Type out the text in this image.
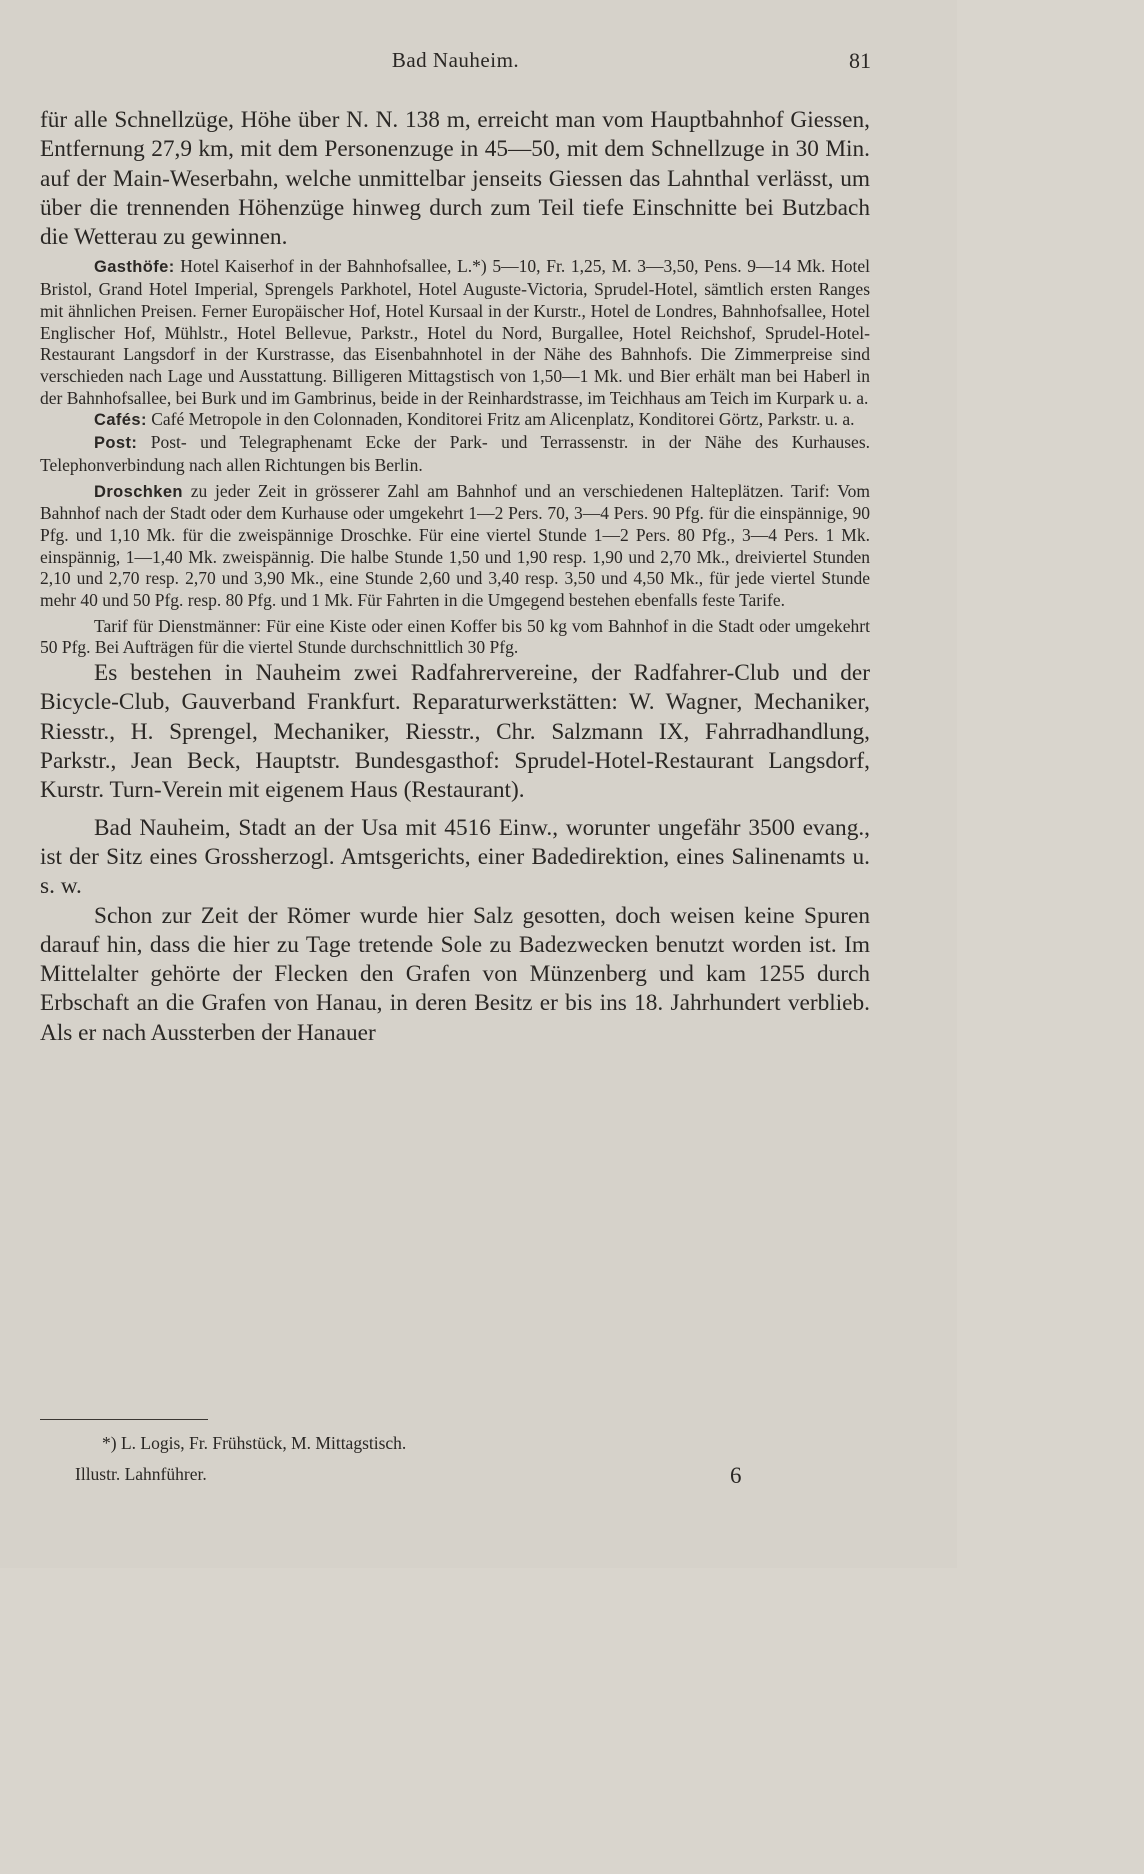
Bad Nauheim.	81

für alle Schnellzüge, Höhe über N. N. 138 m, erreicht man vom Hauptbahnhof Giessen, Entfernung 27,9 km, mit dem Personenzuge in 45—50, mit dem Schnellzuge in 30 Min. auf der Main-Weserbahn, welche unmittelbar jenseits Giessen das Lahnthal verlässt, um über die trennenden Höhenzüge hinweg durch zum Teil tiefe Einschnitte bei Butzbach die Wetterau zu gewinnen.

Gasthöfe: Hotel Kaiserhof in der Bahnhofsallee, L.*) 5—10, Fr. 1,25, M. 3—3,50, Pens. 9—14 Mk. Hotel Bristol, Grand Hotel Imperial, Sprengels Parkhotel, Hotel Auguste-Victoria, Sprudel-Hotel, sämtlich ersten Ranges mit ähnlichen Preisen. Ferner Europäischer Hof, Hotel Kursaal in der Kurstr., Hotel de Londres, Bahnhofsallee, Hotel Englischer Hof, Mühlstr., Hotel Bellevue, Parkstr., Hotel du Nord, Burgallee, Hotel Reichshof, Sprudel-Hotel-Restaurant Langsdorf in der Kurstrasse, das Eisenbahnhotel in der Nähe des Bahnhofs. Die Zimmerpreise sind verschieden nach Lage und Ausstattung. Billigeren Mittagstisch von 1,50—1 Mk. und Bier erhält man bei Haberl in der Bahnhofsallee, bei Burk und im Gambrinus, beide in der Reinhardstrasse, im Teichhaus am Teich im Kurpark u. a.

Cafés: Café Metropole in den Colonnaden, Konditorei Fritz am Alicenplatz, Konditorei Görtz, Parkstr. u. a.

Post: Post- und Telegraphenamt Ecke der Park- und Terrassenstr. in der Nähe des Kurhauses. Telephonverbindung nach allen Richtungen bis Berlin.

Droschken zu jeder Zeit in grösserer Zahl am Bahnhof und an verschiedenen Halteplätzen. Tarif: Vom Bahnhof nach der Stadt oder dem Kurhause oder umgekehrt 1—2 Pers. 70, 3—4 Pers. 90 Pfg. für die einspännige, 90 Pfg. und 1,10 Mk. für die zweispännige Droschke. Für eine viertel Stunde 1—2 Pers. 80 Pfg., 3—4 Pers. 1 Mk. einspännig, 1—1,40 Mk. zweispännig. Die halbe Stunde 1,50 und 1,90 resp. 1,90 und 2,70 Mk., dreiviertel Stunden 2,10 und 2,70 resp. 2,70 und 3,90 Mk., eine Stunde 2,60 und 3,40 resp. 3,50 und 4,50 Mk., für jede viertel Stunde mehr 40 und 50 Pfg. resp. 80 Pfg. und 1 Mk. Für Fahrten in die Umgegend bestehen ebenfalls feste Tarife.

Tarif für Dienstmänner: Für eine Kiste oder einen Koffer bis 50 kg vom Bahnhof in die Stadt oder umgekehrt 50 Pfg. Bei Aufträgen für die viertel Stunde durchschnittlich 30 Pfg.

Es bestehen in Nauheim zwei Radfahrervereine, der Radfahrer-Club und der Bicycle-Club, Gauverband Frankfurt. Reparaturwerkstätten: W. Wagner, Mechaniker, Riesstr., H. Sprengel, Mechaniker, Riesstr., Chr. Salzmann IX, Fahrradhandlung, Parkstr., Jean Beck, Hauptstr. Bundesgasthof: Sprudel-Hotel-Restaurant Langsdorf, Kurstr. Turn-Verein mit eigenem Haus (Restaurant).

Bad Nauheim, Stadt an der Usa mit 4516 Einw., worunter ungefähr 3500 evang., ist der Sitz eines Grossherzogl. Amtsgerichts, einer Badedirektion, eines Salinenamts u. s. w.

Schon zur Zeit der Römer wurde hier Salz gesotten, doch weisen keine Spuren darauf hin, dass die hier zu Tage tretende Sole zu Badezwecken benutzt worden ist. Im Mittelalter gehörte der Flecken den Grafen von Münzenberg und kam 1255 durch Erbschaft an die Grafen von Hanau, in deren Besitz er bis ins 18. Jahrhundert verblieb. Als er nach Aussterben der Hanauer

*) L. Logis, Fr. Frühstück, M. Mittagstisch.
Illustr. Lahnführer.	6
